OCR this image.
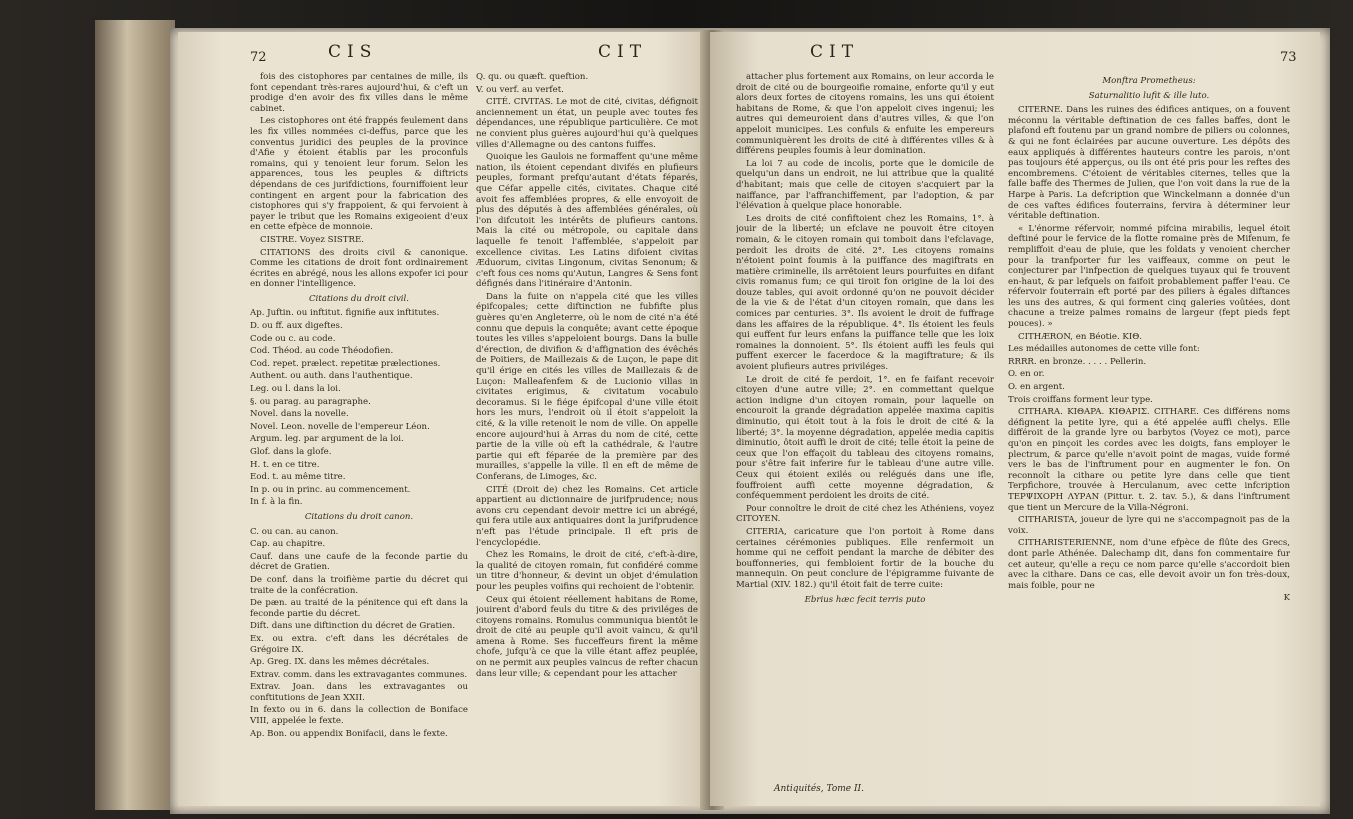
72	CIS	CIT

fois des cistophores par centaines de mille, ils font cependant très-rares aujourd'hui, & c'eft un prodige d'en avoir des fix villes dans le même cabinet.

Les cistophores ont été frappés feulement dans les fix villes nommées ci-deffus, parce que les conventus juridici des peuples de la province d'Afie y étoient établis par les proconfuls romains, qui y tenoient leur forum. Selon les apparences, tous les peuples & diftricts dépendans de ces jurifdictions, fourniffoient leur contingent en argent pour la fabrication des cistophores qui s'y frappoient, & qui fervoient à payer le tribut que les Romains exigeoient d'eux en cette efpèce de monnoie.

CISTRE. Voyez SISTRE.

CITATIONS des droits civil & canonique. Comme les citations de droit font ordinairement écrites en abrégé, nous les allons expofer ici pour en donner l'intelligence.

Citations du droit civil.

Ap. Juftin. ou inftitut. fignifie aux inftitutes.

D. ou ff. aux digeftes.

Code ou c. au code.

Cod. Théod. au code Théodofien.

Cod. repet. prælect. repetitæ prælectiones.

Authent. ou auth. dans l'authentique.

Leg. ou l. dans la loi.

§. ou parag. au paragraphe.

Novel. dans la novelle.

Novel. Leon. novelle de l'empereur Léon.

Argum. leg. par argument de la loi.

Glof. dans la glofe.

H. t. en ce titre.

Eod. t. au même titre.

In p. ou in princ. au commencement.

In f. à la fin.

Citations du droit canon.

C. ou can. au canon.

Cap. au chapitre.

Cauf. dans une caufe de la feconde partie du décret de Gratien.

De conf. dans la troifième partie du décret qui traite de la confécration.

De pæn. au traité de la pénitence qui eft dans la feconde partie du décret.

Dift. dans une diftinction du décret de Gratien.

Ex. ou extra. c'eft dans les décrétales de Grégoire IX.

Ap. Greg. IX. dans les mêmes décrétales.

Extrav. comm. dans les extravagantes communes.

Extrav. Joan. dans les extravagantes ou conftitutions de Jean XXII.

In fexto ou in 6. dans la collection de Boniface VIII, appelée le fexte.

Ap. Bon. ou appendix Bonifacii, dans le fexte.

Q. qu. ou quæft. queftion.

V. ou verf. au verfet.

CITÉ. CIVITAS. Le mot de cité, civitas, défignoit anciennement un état, un peuple avec toutes fes dépendances, une république particulière. Ce mot ne convient plus guères aujourd'hui qu'à quelques villes d'Allemagne ou des cantons fuiffes.

Quoique les Gaulois ne formaffent qu'une même nation, ils étoient cependant divifés en plufieurs peuples, formant prefqu'autant d'états féparés, que Céfar appelle cités, civitates. Chaque cité avoit fes affemblées propres, & elle envoyoit de plus des députés à des affemblées générales, où l'on difcutoit les intérêts de plufieurs cantons. Mais la cité ou métropole, ou capitale dans laquelle fe tenoit l'affemblée, s'appeloit par excellence civitas. Les Latins difoient civitas Æduorum, civitas Lingonum, civitas Senonum; & c'eft fous ces noms qu'Autun, Langres & Sens font défignés dans l'itinéraire d'Antonin.

Dans la fuite on n'appela cité que les villes épifcopales; cette diftinction ne fubfifte plus guères qu'en Angleterre, où le nom de cité n'a été connu que depuis la conquête; avant cette époque toutes les villes s'appeloient bourgs. Dans la bulle d'érection, de divifion & d'affignation des évêchés de Poitiers, de Maillezais & de Luçon, le pape dit qu'il érige en cités les villes de Maillezais & de Luçon: Malleafenfem & de Lucionio villas in civitates erigimus, & civitatum vocabulo decoramus. Si le fiége épifcopal d'une ville étoit hors les murs, l'endroit où il étoit s'appeloit la cité, & la ville retenoit le nom de ville. On appelle encore aujourd'hui à Arras du nom de cité, cette partie de la ville où eft la cathédrale, & l'autre partie qui eft féparée de la première par des murailles, s'appelle la ville. Il en eft de même de Conferans, de Limoges, &c.

CITÉ (Droit de) chez les Romains. Cet article appartient au dictionnaire de jurifprudence; nous avons cru cependant devoir mettre ici un abrégé, qui fera utile aux antiquaires dont la jurifprudence n'eft pas l'étude principale. Il eft pris de l'encyclopédie.

Chez les Romains, le droit de cité, c'eft-à-dire, la qualité de citoyen romain, fut confidéré comme un titre d'honneur, & devint un objet d'émulation pour les peuples voifins qui rechoient de l'obtenir.

Ceux qui étoient réellement habitans de Rome, jouirent d'abord feuls du titre & des priviléges de citoyens romains. Romulus communiqua bientôt le droit de cité au peuple qu'il avoit vaincu, & qu'il amena à Rome. Ses fucceffeurs firent la même chofe, jufqu'à ce que la ville étant affez peuplée, on ne permit aux peuples vaincus de refter chacun dans leur ville; & cependant pour les attacher

CIT	73

attacher plus fortement aux Romains, on leur accorda le droit de cité ou de bourgeoifie romaine, enforte qu'il y eut alors deux fortes de citoyens romains, les uns qui étoient habitans de Rome, & que l'on appeloit cives ingenui; les autres qui demeuroient dans d'autres villes, & que l'on appeloit municipes. Les confuls & enfuite les empereurs communiquèrent les droits de cité à différentes villes & à différens peuples foumis à leur domination.

La loi 7 au code de incolis, porte que le domicile de quelqu'un dans un endroit, ne lui attribue que la qualité d'habitant; mais que celle de citoyen s'acquiert par la naiffance, par l'affranchiffement, par l'adoption, & par l'élévation à quelque place honorable.

Les droits de cité confiftoient chez les Romains, 1°. à jouir de la liberté; un efclave ne pouvoit être citoyen romain, & le citoyen romain qui tomboit dans l'efclavage, perdoit les droits de cité. 2°. Les citoyens romains n'étoient point foumis à la puiffance des magiftrats en matière criminelle, ils arrêtoient leurs pourfuites en difant civis romanus fum; ce qui tiroit fon origine de la loi des douze tables, qui avoit ordonné qu'on ne pouvoit décider de la vie & de l'état d'un citoyen romain, que dans les comices par centuries. 3°. Ils avoient le droit de fuffrage dans les affaires de la république. 4°. Ils étoient les feuls qui euffent fur leurs enfans la puiffance telle que les loix romaines la donnoient. 5°. Ils étoient auffi les feuls qui puffent exercer le facerdoce & la magiftrature; & ils avoient plufieurs autres priviléges.

Le droit de cité fe perdoit, 1°. en fe faifant recevoir citoyen d'une autre ville; 2°. en commettant quelque action indigne d'un citoyen romain, pour laquelle on encouroit la grande dégradation appelée maxima capitis diminutio, qui étoit tout à la fois le droit de cité & la liberté; 3°. la moyenne dégradation, appelée media capitis diminutio, ôtoit auffi le droit de cité; telle étoit la peine de ceux que l'on effaçoit du tableau des citoyens romains, pour s'être fait inferire fur le tableau d'une autre ville. Ceux qui étoient exilés ou relégués dans une ifle, fouffroient auffi cette moyenne dégradation, & conféquemment perdoient les droits de cité.

Pour connoître le droit de cité chez les Athéniens, voyez CITOYEN.

CITERIA, caricature que l'on portoit à Rome dans certaines cérémonies publiques. Elle renfermoit un homme qui ne ceffoit pendant la marche de débiter des bouffonneries, qui fembloient fortir de la bouche du mannequin. On peut conclure de l'épigramme fuivante de Martial (XIV. 182.) qu'il étoit fait de terre cuite:

Ebrius hæc fecit terris puto

Antiquités, Tome II.

Monftra Prometheus:

Saturnalitio lufit & ille luto.

CITERNE. Dans les ruines des édifices antiques, on a fouvent méconnu la véritable deftination de ces falles baffes, dont le plafond eft foutenu par un grand nombre de piliers ou colonnes, & qui ne font éclairées par aucune ouverture. Les dépôts des eaux appliqués à différentes hauteurs contre les parois, n'ont pas toujours été apperçus, ou ils ont été pris pour les reftes des encombremens. C'étoient de véritables citernes, telles que la falle baffe des Thermes de Julien, que l'on voit dans la rue de la Harpe à Paris. La defcription que Winckelmann a donnée d'un de ces vaftes édifices fouterrains, fervira à déterminer leur véritable deftination.

« L'énorme réfervoir, nommé pifcina mirabilis, lequel étoit deftiné pour le fervice de la flotte romaine près de Mifenum, fe rempliffoit d'eau de pluie, que les foldats y venoient chercher pour la tranfporter fur les vaiffeaux, comme on peut le conjecturer par l'infpection de quelques tuyaux qui fe trouvent en-haut, & par lefquels on faifoit probablement paffer l'eau. Ce réfervoir fouterrain eft porté par des piliers à égales diftances les uns des autres, & qui forment cinq galeries voûtées, dont chacune a treize palmes romains de largeur (fept pieds fept pouces). »

CITHÆRON, en Béotie. KIΘ.

Les médailles autonomes de cette ville font:

RRRR. en bronze. . . . . Pellerin.

O. en or.

O. en argent.

Trois croiffans forment leur type.

CITHARA. KIΘAPA. KIΘAPIΣ. CITHARE. Ces différens noms défignent la petite lyre, qui a été appelée auffi chelys. Elle différoit de la grande lyre ou barbytos (Voyez ce mot), parce qu'on en pinçoit les cordes avec les doigts, fans employer le plectrum, & parce qu'elle n'avoit point de magas, vuide formé vers le bas de l'inftrument pour en augmenter le fon. On reconnoît la cithare ou petite lyre dans celle que tient Terpfichore, trouvée à Herculanum, avec cette infcription ΤΕΡΨΙΧΟΡΗ ΛΥΡΑΝ (Pittur. t. 2. tav. 5.), & dans l'inftrument que tient un Mercure de la Villa-Négroni.

CITHARISTA, joueur de lyre qui ne s'accompagnoit pas de la voix.

CITHARISTERIENNE, nom d'une efpèce de flûte des Grecs, dont parle Athénée. Dalechamp dit, dans fon commentaire fur cet auteur, qu'elle a reçu ce nom parce qu'elle s'accordoit bien avec la cithare. Dans ce cas, elle devoit avoir un fon très-doux, mais foible, pour ne

K
